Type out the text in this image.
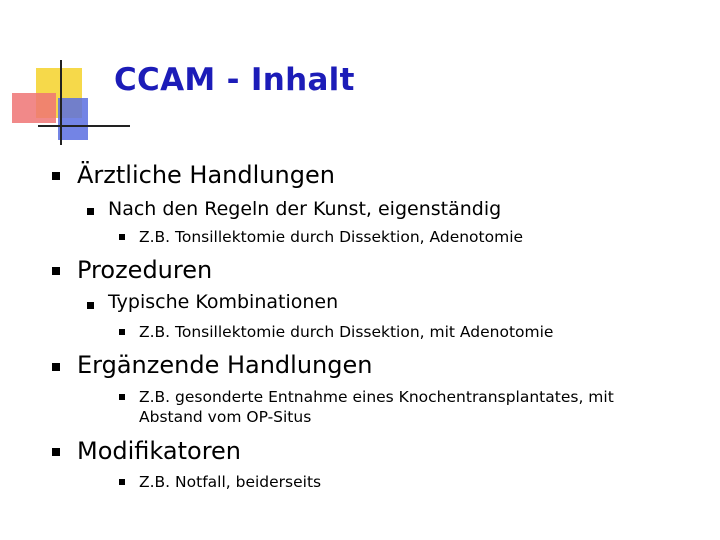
CCAM - Inhalt
Ärztliche Handlungen
Nach den Regeln der Kunst, eigenständig
Z.B. Tonsillektomie durch Dissektion, Adenotomie
Prozeduren
Typische Kombinationen
Z.B. Tonsillektomie durch Dissektion, mit Adenotomie
Ergänzende Handlungen
Z.B. gesonderte Entnahme eines Knochentransplantates, mit
Abstand vom OP-Situs
Modifikatoren
Z.B. Notfall, beiderseits
